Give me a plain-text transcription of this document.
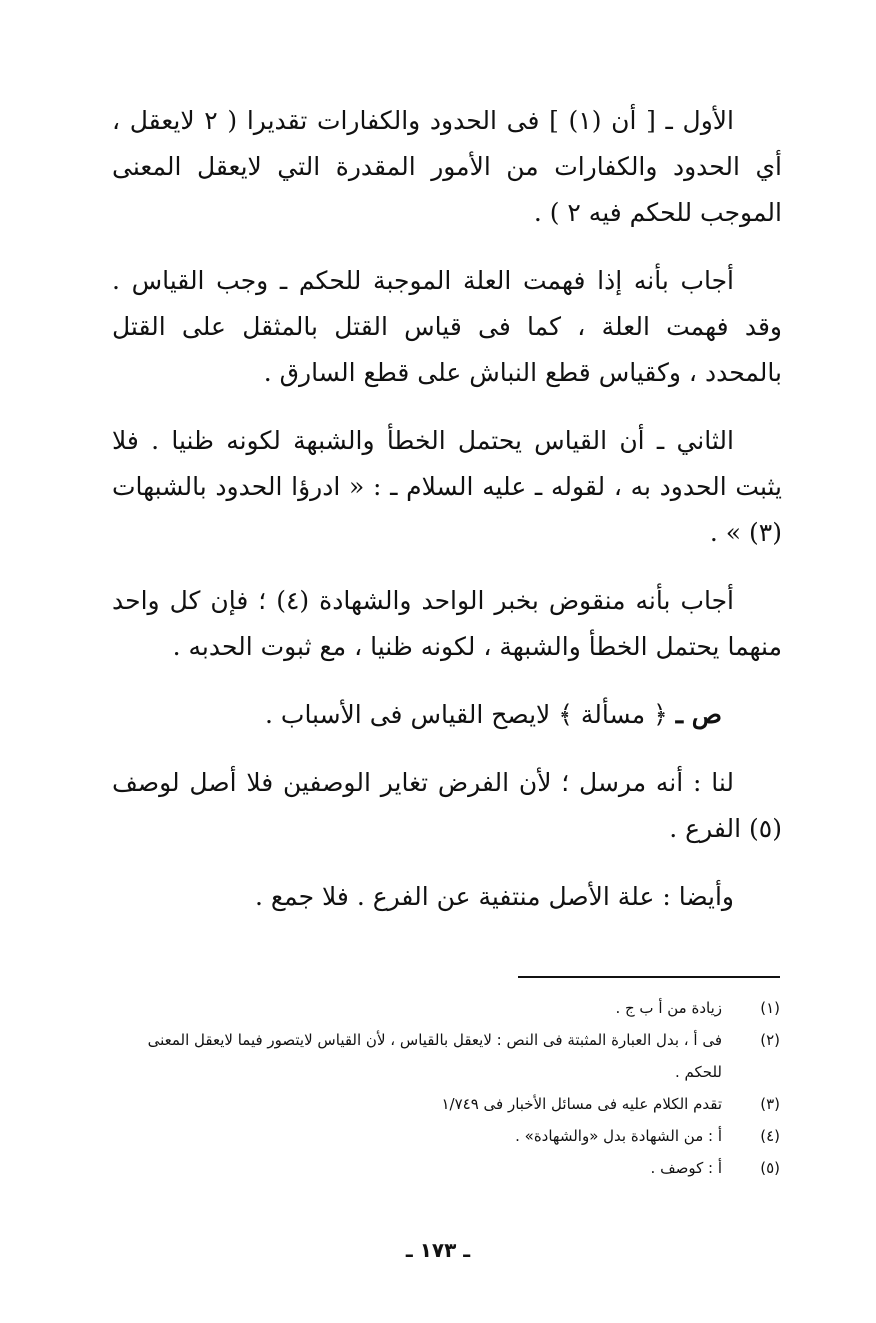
الأول ـ [ أن (١) ] فى الحدود والكفارات تقديرا ( ٢ لايعقل ، أي الحدود والكفارات من الأمور المقدرة التي لايعقل المعنى الموجب للحكم فيه ٢ ) .

أجاب بأنه إذا فهمت العلة الموجبة للحكم ـ وجب القياس . وقد فهمت العلة ، كما فى قياس القتل بالمثقل على القتل بالمحدد ، وكقياس قطع النباش على قطع السارق .

الثاني ـ أن القياس يحتمل الخطأ والشبهة لكونه ظنيا . فلا يثبت الحدود به ، لقوله ـ عليه السلام ـ : « ادرؤا الحدود بالشبهات (٣) » .

أجاب بأنه منقوض بخبر الواحد والشهادة (٤) ؛ فإن كل واحد منهما يحتمل الخطأ والشبهة ، لكونه ظنيا ، مع ثبوت الحدبه .

ص ـ ﴿ مسألة ﴾ لايصح القياس فى الأسباب .

لنا : أنه مرسل ؛ لأن الفرض تغاير الوصفين فلا أصل لوصف (٥) الفرع .

وأيضا : علة الأصل منتفية عن الفرع . فلا جمع .

(١)
زيادة من أ ب ج .
(٢)
فى أ ، بدل العبارة المثبتة فى النص : لايعقل بالقياس ، لأن القياس لايتصور فيما لايعقل المعنى للحكم .
(٣)
تقدم الكلام عليه فى مسائل الأخبار فى ١/٧٤٩
(٤)
أ : من الشهادة بدل «والشهادة» .
(٥)
أ : كوصف .
ـ ١٧٣ ـ
